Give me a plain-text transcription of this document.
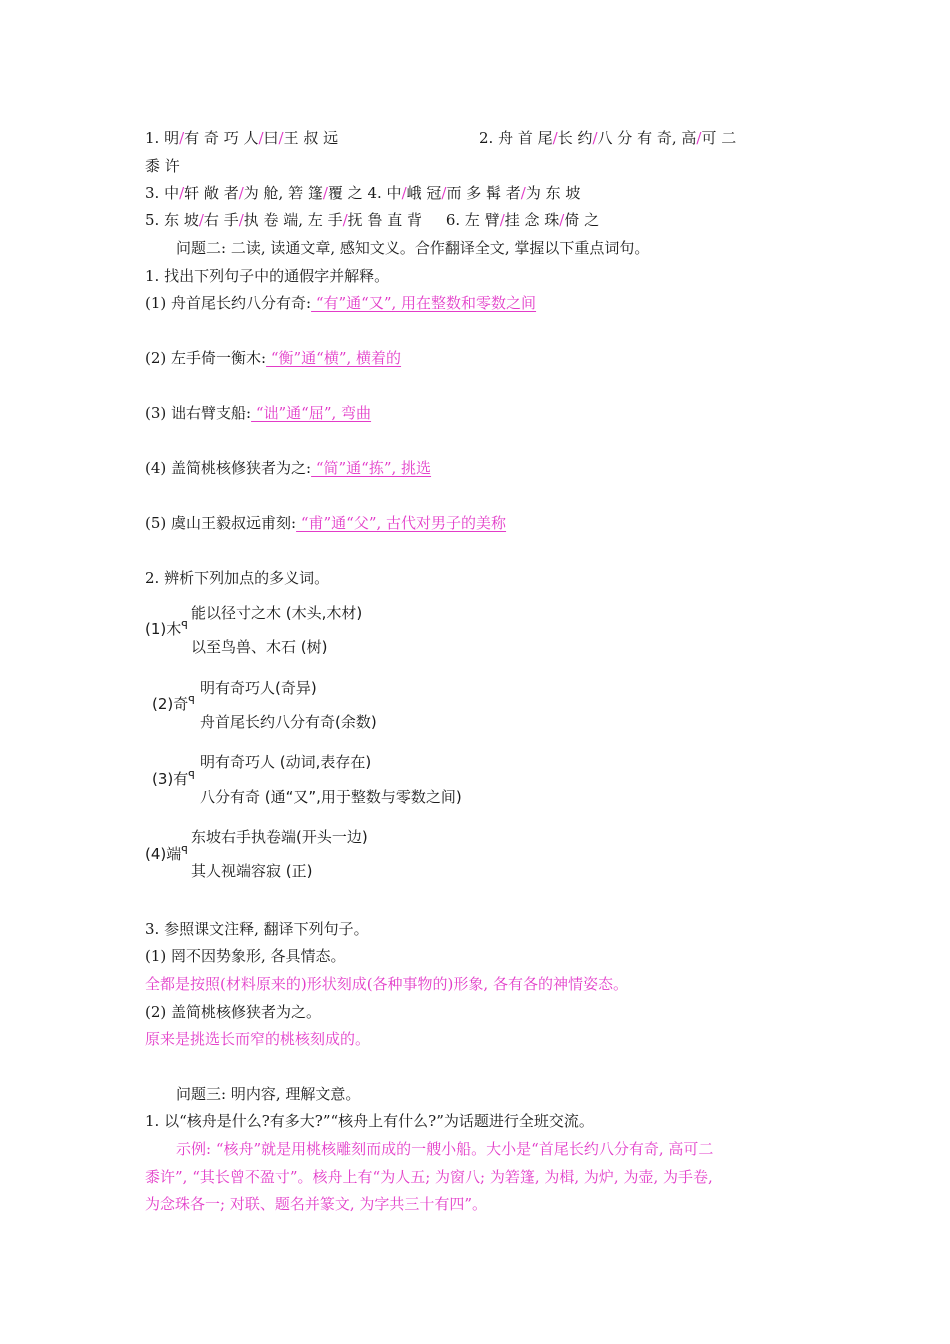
1. 明/有 奇 巧 人/曰/王 叔 远	2. 舟 首 尾/长 约/八 分 有 奇, 高/可 二
黍 许
3. 中/轩 敞 者/为 舱, 箬 篷/覆 之 4. 中/峨 冠/而 多 髯 者/为 东 坡
5. 东 坡/右 手/执 卷 端, 左 手/抚 鲁 直 背 6. 左 臂/挂 念 珠/倚 之
问题二: 二读, 读通文章, 感知文义。合作翻译全文, 掌握以下重点词句。
1. 找出下列句子中的通假字并解释。
(1) 舟首尾长约八分有奇: “有”通“又”, 用在整数和零数之间
(2) 左手倚一衡木: “衡”通“横”, 横着的
(3) 诎右臂支船: “诎”通“屈”, 弯曲
(4) 盖简桃核修狭者为之: “简”通“拣”, 挑选
(5) 虞山王毅叔远甫刻: “甫”通“父”, 古代对男子的美称
2. 辨析下列加点的多义词。
(1)木$^ꟼ$
能以径寸之木 (木头,木材)
以至鸟兽、木石 (树)
(2)奇$^ꟼ$
明有奇巧人(奇异)
舟首尾长约八分有奇(余数)
(3)有$^ꟼ$
明有奇巧人 (动词,表存在)
八分有奇 (通“又”,用于整数与零数之间)
(4)端$^ꟼ$
东坡右手执卷端(开头一边)
其人视端容寂 (正)
3. 参照课文注释, 翻译下列句子。
(1) 罔不因势象形, 各具情态。
全都是按照(材料原来的)形状刻成(各种事物的)形象, 各有各的神情姿态。
(2) 盖简桃核修狭者为之。
原来是挑选长而窄的桃核刻成的。
问题三: 明内容, 理解文意。
1. 以“核舟是什么?有多大?”“核舟上有什么?”为话题进行全班交流。
示例: “核舟”就是用桃核雕刻而成的一艘小船。大小是“首尾长约八分有奇, 高可二
黍许”, “其长曾不盈寸”。核舟上有“为人五; 为窗八; 为箬篷, 为楫, 为炉, 为壶, 为手卷,
为念珠各一; 对联、题名并篆文, 为字共三十有四”。
